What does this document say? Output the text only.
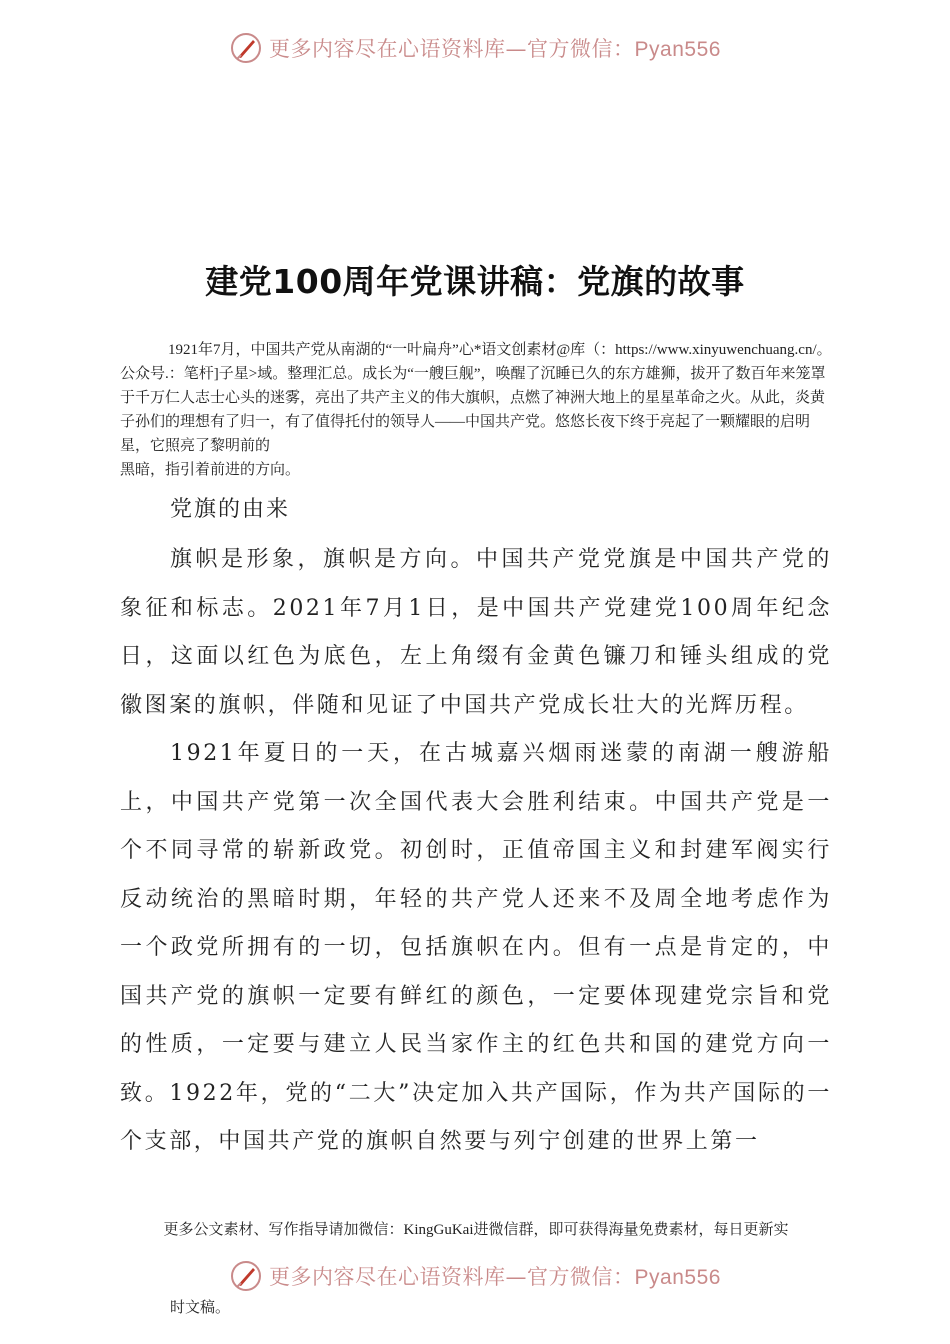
更多内容尽在心语资料库—官方微信：Pyan556
建党100周年党课讲稿：党旗的故事

1921年7月，中国共产党从南湖的“一叶扁舟”心*语文创素材@库（：https://www.xinyuwenchuang.cn/。公众号.：笔杆]子星>域。整理汇总。成长为“一艘巨舰”，唤醒了沉睡已久的东方雄狮，拔开了数百年来笼罩于千万仁人志士心头的迷雾，亮出了共产主义的伟大旗帜，点燃了神洲大地上的星星革命之火。从此，炎黄子孙们的理想有了归一，有了值得托付的领导人——中国共产党。悠悠长夜下终于亮起了一颗耀眼的启明星，它照亮了黎明前的

黑暗，指引着前进的方向。

党旗的由来

旗帜是形象，旗帜是方向。中国共产党党旗是中国共产党的象征和标志。2021年7月1日，是中国共产党建党100周年纪念日，这面以红色为底色，左上角缀有金黄色镰刀和锤头组成的党徽图案的旗帜，伴随和见证了中国共产党成长壮大的光辉历程。

1921年夏日的一天，在古城嘉兴烟雨迷蒙的南湖一艘游船上，中国共产党第一次全国代表大会胜利结束。中国共产党是一个不同寻常的崭新政党。初创时，正值帝国主义和封建军阀实行反动统治的黑暗时期，年轻的共产党人还来不及周全地考虑作为一个政党所拥有的一切，包括旗帜在内。但有一点是肯定的，中国共产党的旗帜一定要有鲜红的颜色，一定要体现建党宗旨和党的性质，一定要与建立人民当家作主的红色共和国的建党方向一致。1922年，党的“二大”决定加入共产国际，作为共产国际的一个支部，中国共产党的旗帜自然要与列宁创建的世界上第一

更多公文素材、写作指导请加微信：KingGuKai进微信群，即可获得海量免费素材，每日更新实
更多内容尽在心语资料库—官方微信：Pyan556
时文稿。
